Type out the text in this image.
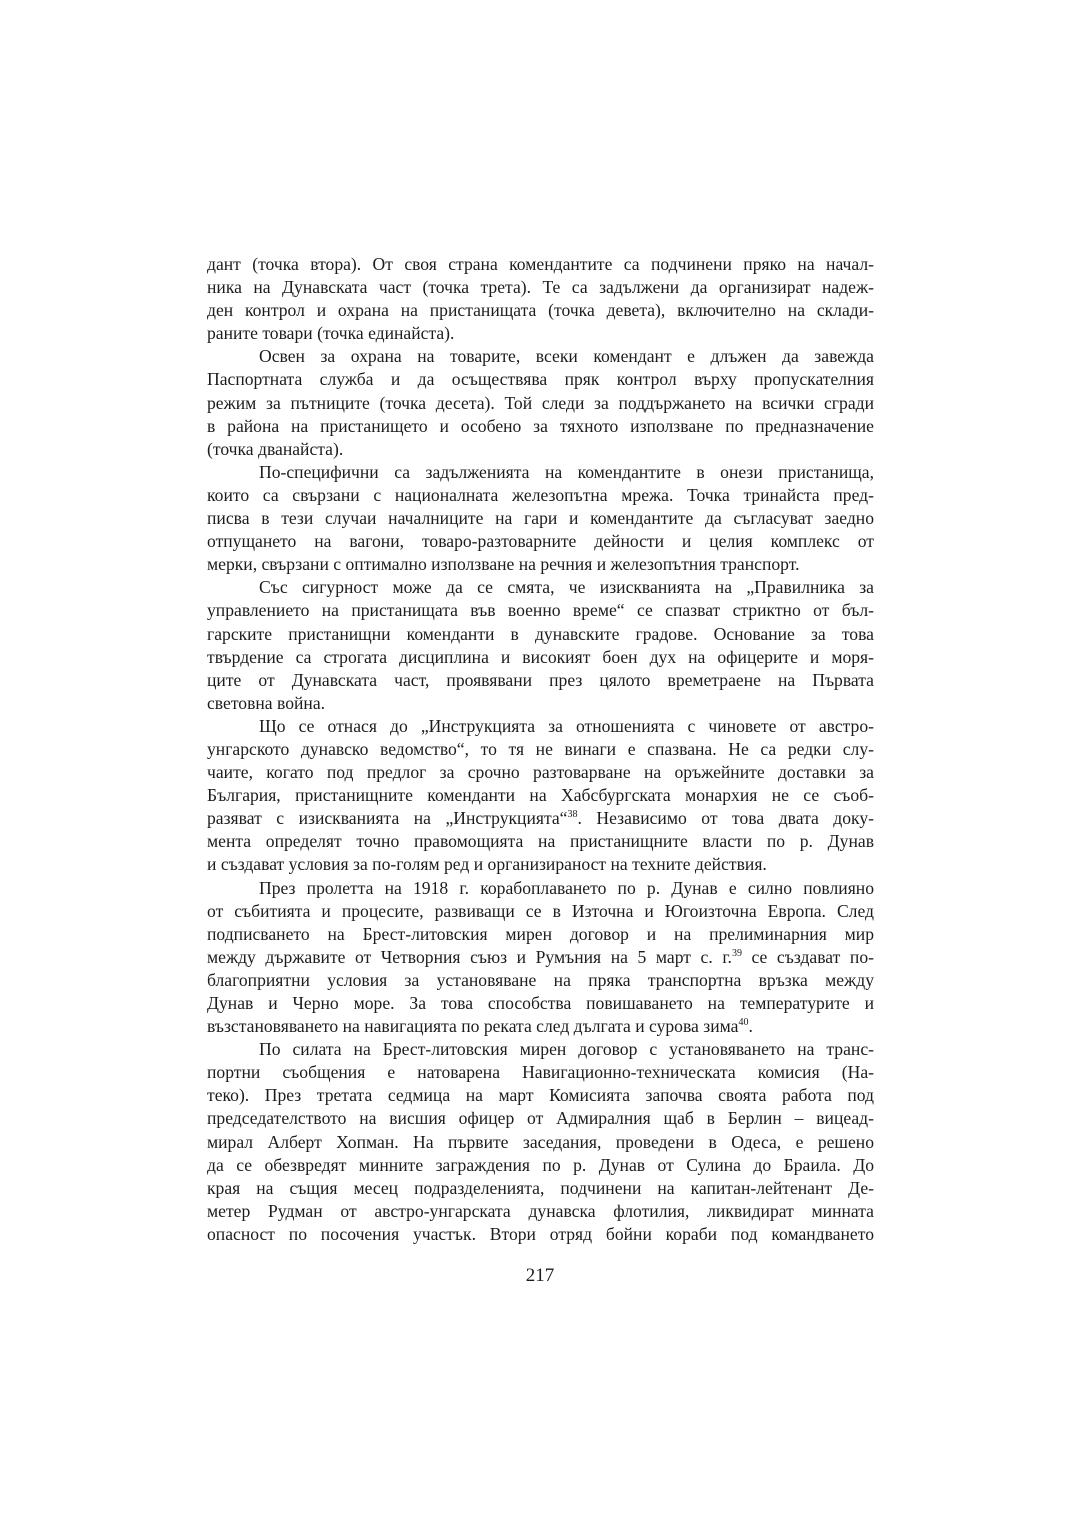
дант (точка втора). От своя страна комендантите са подчинени пряко на начал-
ника на Дунавската част (точка трета). Те са задължени да организират надеж-
ден контрол и охрана на пристанищата (точка девета), включително на склади-
раните товари (точка единайста).
Освен за охрана на товарите, всеки комендант е длъжен да завежда
Паспортната служба и да осъществява пряк контрол върху пропускателния
режим за пътниците (точка десета). Той следи за поддържането на всички сгради
в района на пристанището и особено за тяхното използване по предназначение
(точка дванайста).
По-специфични са задълженията на комендантите в онези пристанища,
които са свързани с националната железопътна мрежа. Точка тринайста пред-
писва в тези случаи началниците на гари и комендантите да съгласуват заедно
отпущането на вагони, товаро-разтоварните дейности и целия комплекс от
мерки, свързани с оптимално използване на речния и железопътния транспорт.
Със сигурност може да се смята, че изискванията на „Правилника за
управлението на пристанищата във военно време“ се спазват стриктно от бъл-
гарските пристанищни коменданти в дунавските градове. Основание за това
твърдение са строгата дисциплина и високият боен дух на офицерите и моря-
ците от Дунавската част, проявявани през цялото времетраене на Първата
световна война.
Що се отнася до „Инструкцията за отношенията с чиновете от австро-
унгарското дунавско ведомство“, то тя не винаги е спазвана. Не са редки слу-
чаите, когато под предлог за срочно разтоварване на оръжейните доставки за
България, пристанищните коменданти на Хабсбургската монархия не се съоб-
разяват с изискванията на „Инструкцията“$^{38}$. Независимо от това двата доку-
мента определят точно правомощията на пристанищните власти по р. Дунав
и създават условия за по-голям ред и организираност на техните действия.
През пролетта на 1918 г. корабоплаването по р. Дунав е силно повлияно
от събитията и процесите, развиващи се в Източна и Югоизточна Европа. След
подписването на Брест-литовския мирен договор и на прелиминарния мир
между държавите от Четворния съюз и Румъния на 5 март с. г.$^{39}$ се създават по-
благоприятни условия за установяване на пряка транспортна връзка между
Дунав и Черно море. За това способства повишаването на температурите и
възстановяването на навигацията по реката след дългата и сурова зима$^{40}$.
По силата на Брест-литовския мирен договор с установяването на транс-
портни съобщения е натоварена Навигационно-техническата комисия (На-
теко). През третата седмица на март Комисията започва своята работа под
председателството на висшия офицер от Адмиралния щаб в Берлин – вицеад-
мирал Алберт Хопман. На първите заседания, проведени в Одеса, е решено
да се обезвредят минните заграждения по р. Дунав от Сулина до Браила. До
края на същия месец подразделенията, подчинени на капитан-лейтенант Де-
метер Рудман от австро-унгарската дунавска флотилия, ликвидират минната
опасност по посочения участък. Втори отряд бойни кораби под командването
217
